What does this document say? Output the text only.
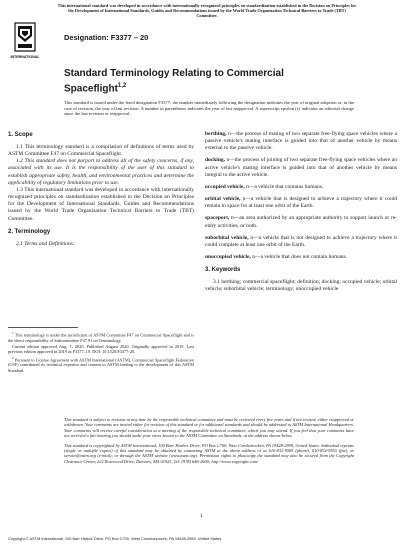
This international standard was developed in accordance with internationally recognized principles on standardization established in the Decision on Principles for the Development of International Standards, Guides and Recommendations issued by the World Trade Organization Technical Barriers to Trade (TBT) Committee.
INTERNATIONAL
Designation: F3377 – 20
Standard Terminology Relating to Commercial Spaceflight$^{1,2}$
This standard is issued under the fixed designation F3377; the number immediately following the designation indicates the year of original adoption or, in the case of revision, the year of last revision. A number in parentheses indicates the year of last reapproval. A superscript epsilon (ε) indicates an editorial change since the last revision or reapproval.
1. Scope

1.1 This terminology standard is a compilation of definitions of terms used by ASTM Committee F47 on Commercial Spaceflight.

1.2 This standard does not purport to address all of the safety concerns, if any, associated with its use. It is the responsibility of the user of this standard to establish appropriate safety, health, and environmental practices and determine the applicability of regulatory limitations prior to use.

1.3 This international standard was developed in accordance with internationally recognized principles on standardization established in the Decision on Principles for the Development of International Standards, Guides and Recommendations issued by the World Trade Organization Technical Barriers to Trade (TBT) Committee.

2. Terminology

2.1 Terms and Definitions:

$^1$ This terminology is under the jurisdiction of ASTM Committee F47 on Commercial Spaceflight and is the direct responsibility of Subcommittee F47.91 on Terminology.

Current edition approved Aug. 1, 2020. Published August 2020. Originally approved in 2019. Last previous edition approved in 2019 as F3377–19. DOI: 10.1520/F3377-20.

$^2$ Pursuant to License Agreement with ASTM International (ASTM), Commercial Spaceflight Federation (CSF) contributed its technical expertise and content to ASTM leading to the development of this ASTM Standard.

berthing, n—the process of mating of two separate free-flying space vehicles where a passive vehicle's mating interface is guided into that of another vehicle by means external to the passive vehicle.
docking, n—the process of joining of two separate free-flying space vehicles where an active vehicle's mating interface is guided into that of another vehicle by means integral to the active vehicle.
occupied vehicle, n—a vehicle that contains humans.
orbital vehicle, n—a vehicle that is designed to achieve a trajectory where it could remain in space for at least one orbit of the Earth.
spaceport, n—an area authorized by an appropriate authority to support launch or re-entry activities, or both.
suborbital vehicle, n—a vehicle that is not designed to achieve a trajectory where it could complete at least one orbit of the Earth.
unoccupied vehicle, n—a vehicle that does not contain humans.
3. Keywords

3.1 berthing; commercial spaceflight; definition; docking; occupied vehicle; orbital vehicle; suborbital vehicle; terminology; unoccupied vehicle

This standard is subject to revision at any time by the responsible technical committee and must be reviewed every five years and if not revised, either reapproved or withdrawn. Your comments are invited either for revision of this standard or for additional standards and should be addressed to ASTM International Headquarters. Your comments will receive careful consideration at a meeting of the responsible technical committee, which you may attend. If you feel that your comments have not received a fair hearing you should make your views known to the ASTM Committee on Standards, at the address shown below.

This standard is copyrighted by ASTM International, 100 Barr Harbor Drive, PO Box C700, West Conshohocken, PA 19428-2959, United States. Individual reprints (single or multiple copies) of this standard may be obtained by contacting ASTM at the above address or at 610-832-9585 (phone), 610-832-9555 (fax), or service@astm.org (e-mail); or through the ASTM website (www.astm.org). Permission rights to photocopy the standard may also be secured from the Copyright Clearance Center, 222 Rosewood Drive, Danvers, MA 01923, Tel: (978) 646-2600; http://www.copyright.com/

1
Copyright © ASTM International, 100 Barr Harbor Drive, PO Box C700, West Conshohocken, PA 19428-2959. United States
